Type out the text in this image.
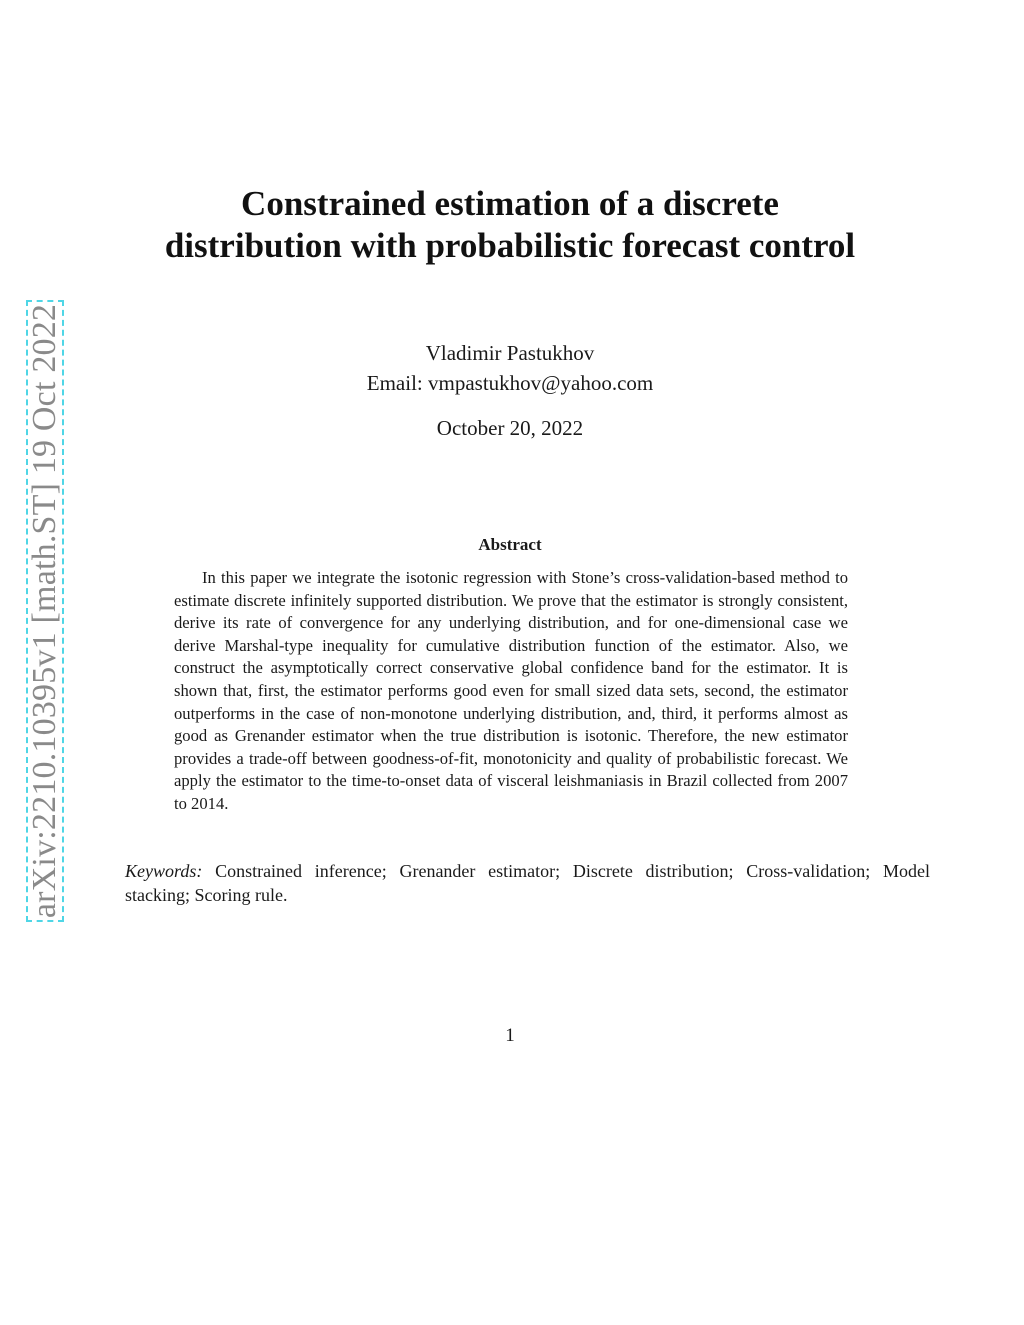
arXiv:2210.10395v1 [math.ST] 19 Oct 2022
Constrained estimation of a discrete distribution with probabilistic forecast control
Vladimir Pastukhov
Email: vmpastukhov@yahoo.com
October 20, 2022
Abstract

In this paper we integrate the isotonic regression with Stone’s cross-validation-based method to estimate discrete infinitely supported distribution. We prove that the estimator is strongly consistent, derive its rate of convergence for any underlying distribution, and for one-dimensional case we derive Marshal-type inequality for cumulative distribution function of the estimator. Also, we construct the asymptotically correct conservative global confidence band for the estimator. It is shown that, first, the estimator performs good even for small sized data sets, second, the estimator outperforms in the case of non-monotone underlying distribution, and, third, it performs almost as good as Grenander estimator when the true distribution is isotonic. Therefore, the new estimator provides a trade-off between goodness-of-fit, monotonicity and quality of probabilistic forecast. We apply the estimator to the time-to-onset data of visceral leishmaniasis in Brazil collected from 2007 to 2014.

Keywords: Constrained inference; Grenander estimator; Discrete distribution; Cross-validation; Model stacking; Scoring rule.
1
